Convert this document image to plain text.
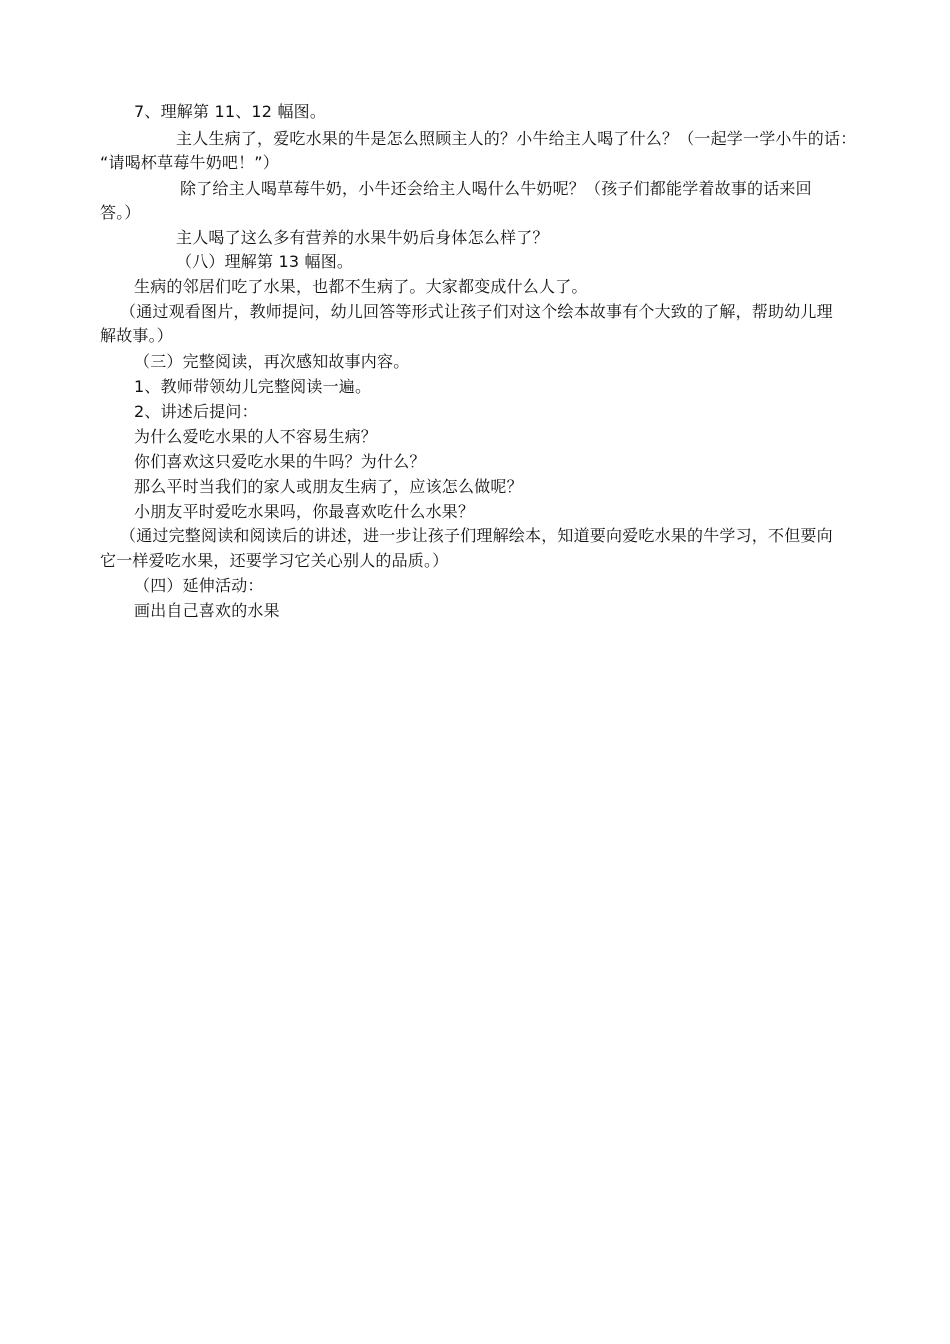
7、理解第 11、12 幅图。
主人生病了，爱吃水果的牛是怎么照顾主人的？小牛给主人喝了什么？（一起学一学小牛的话：
“请喝杯草莓牛奶吧！”）
除了给主人喝草莓牛奶，小牛还会给主人喝什么牛奶呢？（孩子们都能学着故事的话来回
答。）
主人喝了这么多有营养的水果牛奶后身体怎么样了？
（八）理解第 13 幅图。
生病的邻居们吃了水果，也都不生病了。大家都变成什么人了。
（通过观看图片，教师提问，幼儿回答等形式让孩子们对这个绘本故事有个大致的了解，帮助幼儿理
解故事。）
（三）完整阅读，再次感知故事内容。
1、教师带领幼儿完整阅读一遍。
2、讲述后提问：
为什么爱吃水果的人不容易生病？
你们喜欢这只爱吃水果的牛吗？为什么？
那么平时当我们的家人或朋友生病了，应该怎么做呢？
小朋友平时爱吃水果吗，你最喜欢吃什么水果？
（通过完整阅读和阅读后的讲述，进一步让孩子们理解绘本，知道要向爱吃水果的牛学习，不但要向
它一样爱吃水果，还要学习它关心别人的品质。）
（四）延伸活动：
画出自己喜欢的水果
